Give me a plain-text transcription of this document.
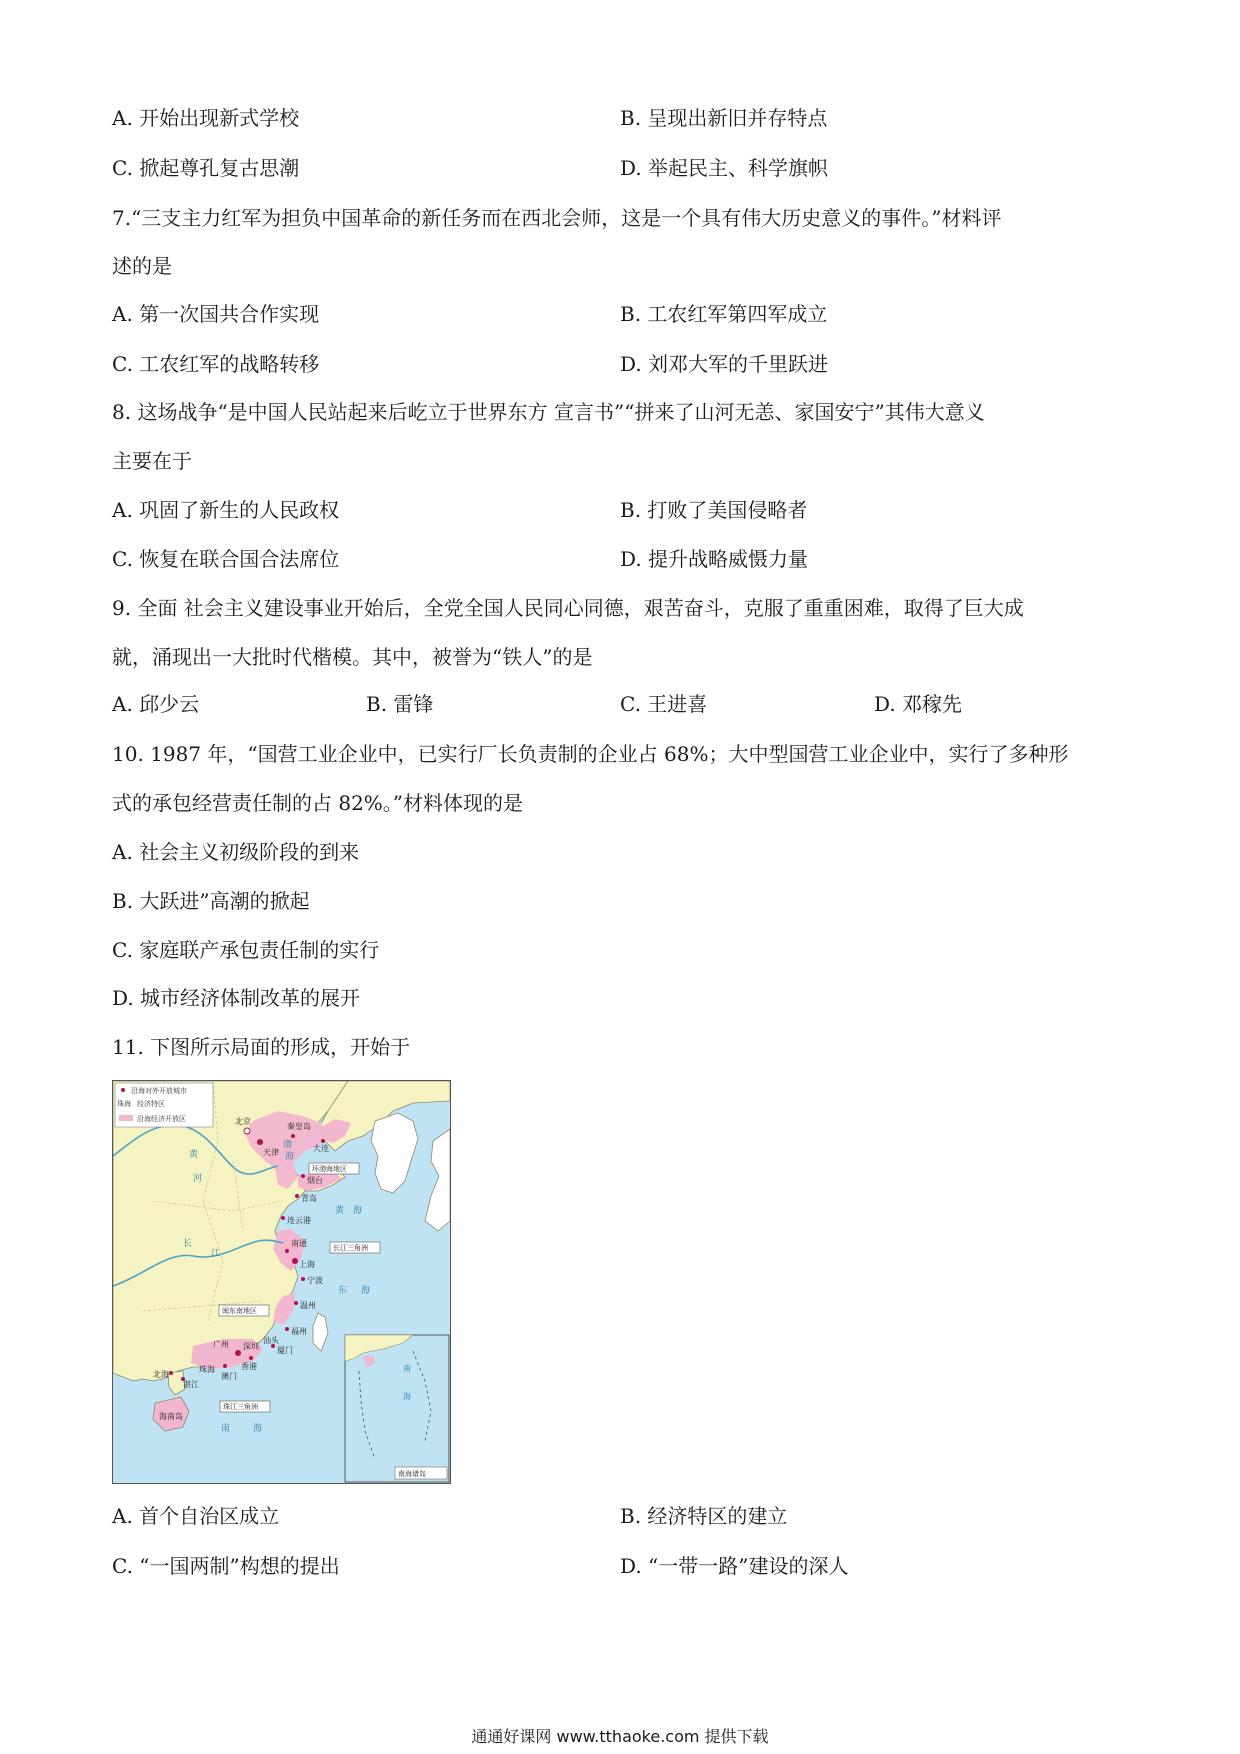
A. 开始出现新式学校	B. 呈现出新旧并存特点
C. 掀起尊孔复古思潮	D. 举起民主、科学旗帜
7.“三支主力红军为担负中国革命的新任务而在西北会师，这是一个具有伟大历史意义的事件。”材料评
述的是
A. 第一次国共合作实现	B. 工农红军第四军成立
C. 工农红军的战略转移	D. 刘邓大军的千里跃进
8. 这场战争“是中国人民站起来后屹立于世界东方 宣言书”“拼来了山河无恙、家国安宁”其伟大意义
主要在于
A. 巩固了新生的人民政权	B. 打败了美国侵略者
C. 恢复在联合国合法席位	D. 提升战略威慑力量
9. 全面 社会主义建设事业开始后，全党全国人民同心同德，艰苦奋斗，克服了重重困难，取得了巨大成
就，涌现出一大批时代楷模。其中，被誉为“铁人”的是
A. 邱少云	B. 雷锋	C. 王进喜	D. 邓稼先
10. 1987 年，“国营工业企业中，已实行厂长负责制的企业占 68%；大中型国营工业企业中，实行了多种形
式的承包经营责任制的占 82%。”材料体现的是
A. 社会主义初级阶段的到来
B. 大跃进”高潮的掀起
C. 家庭联产承包责任制的实行
D. 城市经济体制改革的展开
11. 下图所示局面的形成，开始于
沿海对外开放城市
珠海 经济特区
沿海经济开放区	北京
秦皇岛
天津	大连
烟台
青岛
连云港
南通
上海
宁波
温州
福州
厦门
汕头
广州 深圳
珠海
澳门
香港
北海
湛江
海南岛
环渤海地区
长江三角洲
闽东南地区
珠江三角洲
渤
海
黄 海
东 海
南	海
河
长
江
黄
南
海
南海诸岛
A. 首个自治区成立	B. 经济特区的建立
C. “一国两制”构想的提出	D. “一带一路”建设的深人
通通好课网 www.tthaoke.com 提供下载
